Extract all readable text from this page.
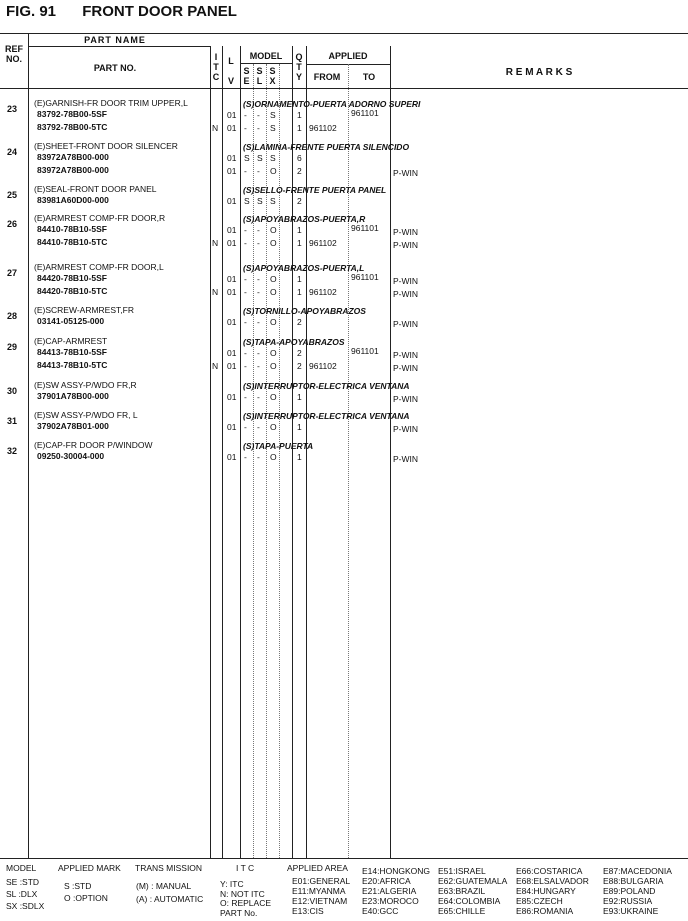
FIG. 91 FRONT DOOR PANEL
REF
NO.
PART NAME
PART NO.
I
T
C
L

V
MODEL
S
E
S
L
S
X
Q
T
Y
APPLIED
FROM	TO	R E M A R K S
23
(E)GARNISH-FR DOOR TRIM UPPER,L	(S)ORNAMENTO-PUERTA ADORNO SUPERI
83792-78B00-5SF	01 - - S	1	961101
83792-78B00-5TC	N 01 - - S	1 961102
24
(E)SHEET-FRONT DOOR SILENCER	(S)LAMINA-FRENTE PUERTA SILENCIDO
83972A78B00-000	01 S S S	6
83972A78B00-000	01 - - O 2	P-WIN
25
(E)SEAL-FRONT DOOR PANEL	(S)SELLO-FRENTE PUERTA PANEL
83981A60D00-000	01 S S S	2
26
(E)ARMREST COMP-FR DOOR,R	(S)APOYABRAZOS-PUERTA,R
84410-78B10-5SF	01 - - O 1	961101 P-WIN
84410-78B10-5TC	N 01 - - O 1 961102	P-WIN
27
(E)ARMREST COMP-FR DOOR,L	(S)APOYABRAZOS-PUERTA,L
84420-78B10-5SF	01 - - O 1	961101 P-WIN
84420-78B10-5TC	N 01 - - O 1 961102	P-WIN
28
(E)SCREW-ARMREST,FR	(S)TORNILLO-APOYABRAZOS
03141-05125-000	01 - - O 2	P-WIN
29
(E)CAP-ARMREST	(S)TAPA-APOYABRAZOS
84413-78B10-5SF	01 - - O 2	961101 P-WIN
84413-78B10-5TC	N 01 - - O 2 961102	P-WIN
30
(E)SW ASSY-P/WDO FR,R	(S)INTERRUPTOR-ELECTRICA VENTANA
37901A78B00-000	01 - - O 1	P-WIN
31
(E)SW ASSY-P/WDO FR, L	(S)INTERRUPTOR-ELECTRICA VENTANA
37902A78B01-000	01 - - O 1	P-WIN
32
(E)CAP-FR DOOR P/WINDOW	(S)TAPA-PUERTA
09250-30004-000	01 - - O 1	P-WIN
MODEL
SE :STD
SL :DLX
SX :SDLX
APPLIED MARK
S :STD
O :OPTION
TRANS MISSION
(M) : MANUAL
(A) : AUTOMATIC
I T C
Y: ITC
N: NOT ITC
O: REPLACE
PART No.
APPLIED AREA
E01:GENERAL
E11:MYANMA
E12:VIETNAM
E13:CIS
E14:HONGKONG
E20:AFRICA
E21:ALGERIA
E23:MOROCO
E40:GCC
E51:ISRAEL
E62:GUATEMALA
E63:BRAZIL
E64:COLOMBIA
E65:CHILLE
E66:COSTARICA
E68:ELSALVADOR
E84:HUNGARY
E85:CZECH
E86:ROMANIA
E87:MACEDONIA
E88:BULGARIA
E89:POLAND
E92:RUSSIA
E93:UKRAINE
